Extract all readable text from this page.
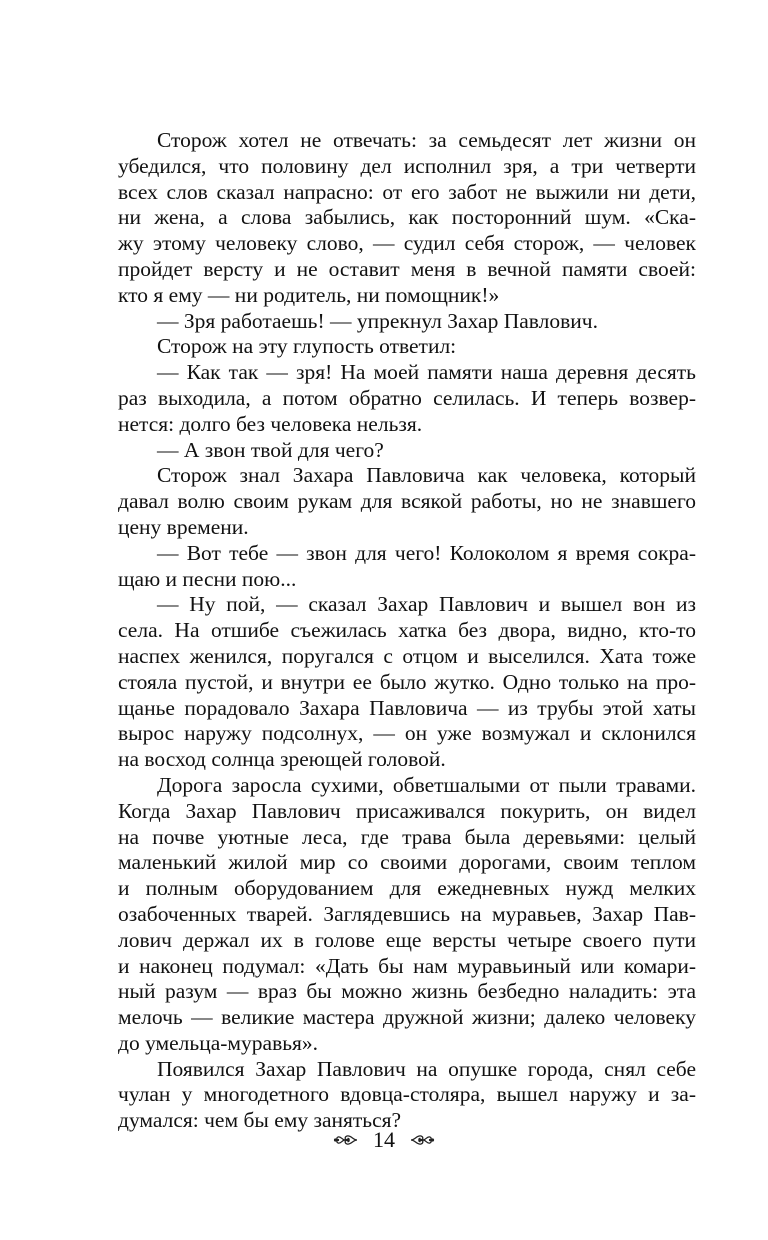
Сторож хотел не отвечать: за семьдесят лет жизни он
убедился, что половину дел исполнил зря, а три четверти
всех слов сказал напрасно: от его забот не выжили ни дети,
ни жена, а слова забылись, как посторонний шум. «Ска-
жу этому человеку слово, — судил себя сторож, — человек
пройдет версту и не оставит меня в вечной памяти своей:
кто я ему — ни родитель, ни помощник!»
— Зря работаешь! — упрекнул Захар Павлович.
Сторож на эту глупость ответил:
— Как так — зря! На моей памяти наша деревня десять
раз выходила, а потом обратно селилась. И теперь возвер-
нется: долго без человека нельзя.
— А звон твой для чего?
Сторож знал Захара Павловича как человека, который
давал волю своим рукам для всякой работы, но не знавшего
цену времени.
— Вот тебе — звон для чего! Колоколом я время сокра-
щаю и песни пою...
— Ну пой, — сказал Захар Павлович и вышел вон из
села. На отшибе съежилась хатка без двора, видно, кто-то
наспех женился, поругался с отцом и выселился. Хата тоже
стояла пустой, и внутри ее было жутко. Одно только на про-
щанье порадовало Захара Павловича — из трубы этой хаты
вырос наружу подсолнух, — он уже возмужал и склонился
на восход солнца зреющей головой.
Дорога заросла сухими, обветшалыми от пыли травами.
Когда Захар Павлович присаживался покурить, он видел
на почве уютные леса, где трава была деревьями: целый
маленький жилой мир со своими дорогами, своим теплом
и полным оборудованием для ежедневных нужд мелких
озабоченных тварей. Заглядевшись на муравьев, Захар Пав-
лович держал их в голове еще версты четыре своего пути
и наконец подумал: «Дать бы нам муравьиный или комари-
ный разум — враз бы можно жизнь безбедно наладить: эта
мелочь — великие мастера дружной жизни; далеко человеку
до умельца-муравья».
Появился Захар Павлович на опушке города, снял себе
чулан у многодетного вдовца-столяра, вышел наружу и за-
думался: чем бы ему заняться?
14
